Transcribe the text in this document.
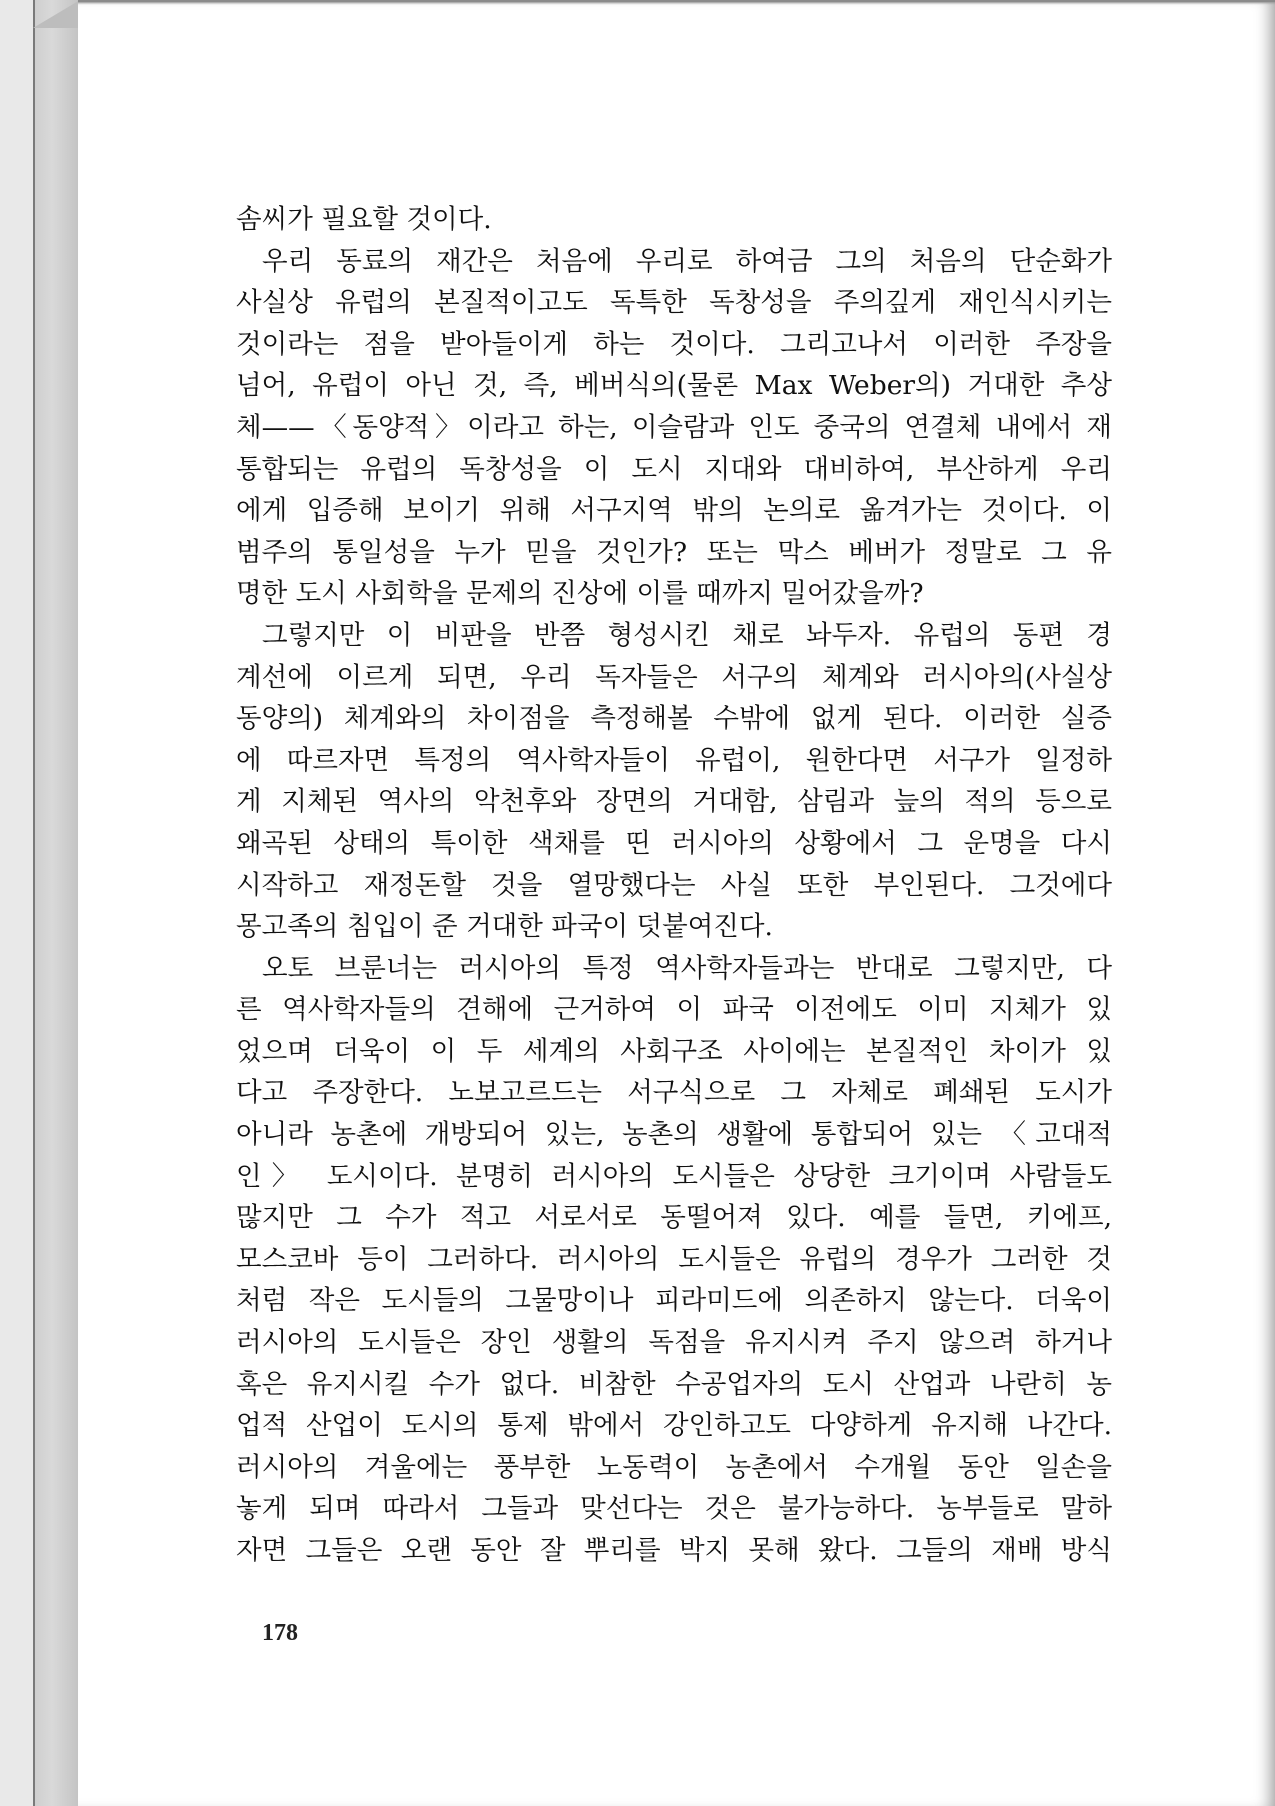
솜씨가 필요할 것이다.
우리 동료의 재간은 처음에 우리로 하여금 그의 처음의 단순화가
사실상 유럽의 본질적이고도 독특한 독창성을 주의깊게 재인식시키는
것이라는 점을 받아들이게 하는 것이다. 그리고나서 이러한 주장을
넘어, 유럽이 아닌 것, 즉, 베버식의(물론 Max Weber의) 거대한 추상
체——〈동양적〉이라고 하는, 이슬람과 인도 중국의 연결체 내에서 재
통합되는 유럽의 독창성을 이 도시 지대와 대비하여, 부산하게 우리
에게 입증해 보이기 위해 서구지역 밖의 논의로 옮겨가는 것이다. 이
범주의 통일성을 누가 믿을 것인가? 또는 막스 베버가 정말로 그 유
명한 도시 사회학을 문제의 진상에 이를 때까지 밀어갔을까?
그렇지만 이 비판을 반쯤 형성시킨 채로 놔두자. 유럽의 동편 경
계선에 이르게 되면, 우리 독자들은 서구의 체계와 러시아의(사실상
동양의) 체계와의 차이점을 측정해볼 수밖에 없게 된다. 이러한 실증
에 따르자면 특정의 역사학자들이 유럽이, 원한다면 서구가 일정하
게 지체된 역사의 악천후와 장면의 거대함, 삼림과 늪의 적의 등으로
왜곡된 상태의 특이한 색채를 띤 러시아의 상황에서 그 운명을 다시
시작하고 재정돈할 것을 열망했다는 사실 또한 부인된다. 그것에다
몽고족의 침입이 준 거대한 파국이 덧붙여진다.
오토 브룬너는 러시아의 특정 역사학자들과는 반대로 그렇지만, 다
른 역사학자들의 견해에 근거하여 이 파국 이전에도 이미 지체가 있
었으며 더욱이 이 두 세계의 사회구조 사이에는 본질적인 차이가 있
다고 주장한다. 노보고르드는 서구식으로 그 자체로 폐쇄된 도시가
아니라 농촌에 개방되어 있는, 농촌의 생활에 통합되어 있는 〈고대적
인〉 도시이다. 분명히 러시아의 도시들은 상당한 크기이며 사람들도
많지만 그 수가 적고 서로서로 동떨어져 있다. 예를 들면, 키에프,
모스코바 등이 그러하다. 러시아의 도시들은 유럽의 경우가 그러한 것
처럼 작은 도시들의 그물망이나 피라미드에 의존하지 않는다. 더욱이
러시아의 도시들은 장인 생활의 독점을 유지시켜 주지 않으려 하거나
혹은 유지시킬 수가 없다. 비참한 수공업자의 도시 산업과 나란히 농
업적 산업이 도시의 통제 밖에서 강인하고도 다양하게 유지해 나간다.
러시아의 겨울에는 풍부한 노동력이 농촌에서 수개월 동안 일손을
놓게 되며 따라서 그들과 맞선다는 것은 불가능하다. 농부들로 말하
자면 그들은 오랜 동안 잘 뿌리를 박지 못해 왔다. 그들의 재배 방식
178
